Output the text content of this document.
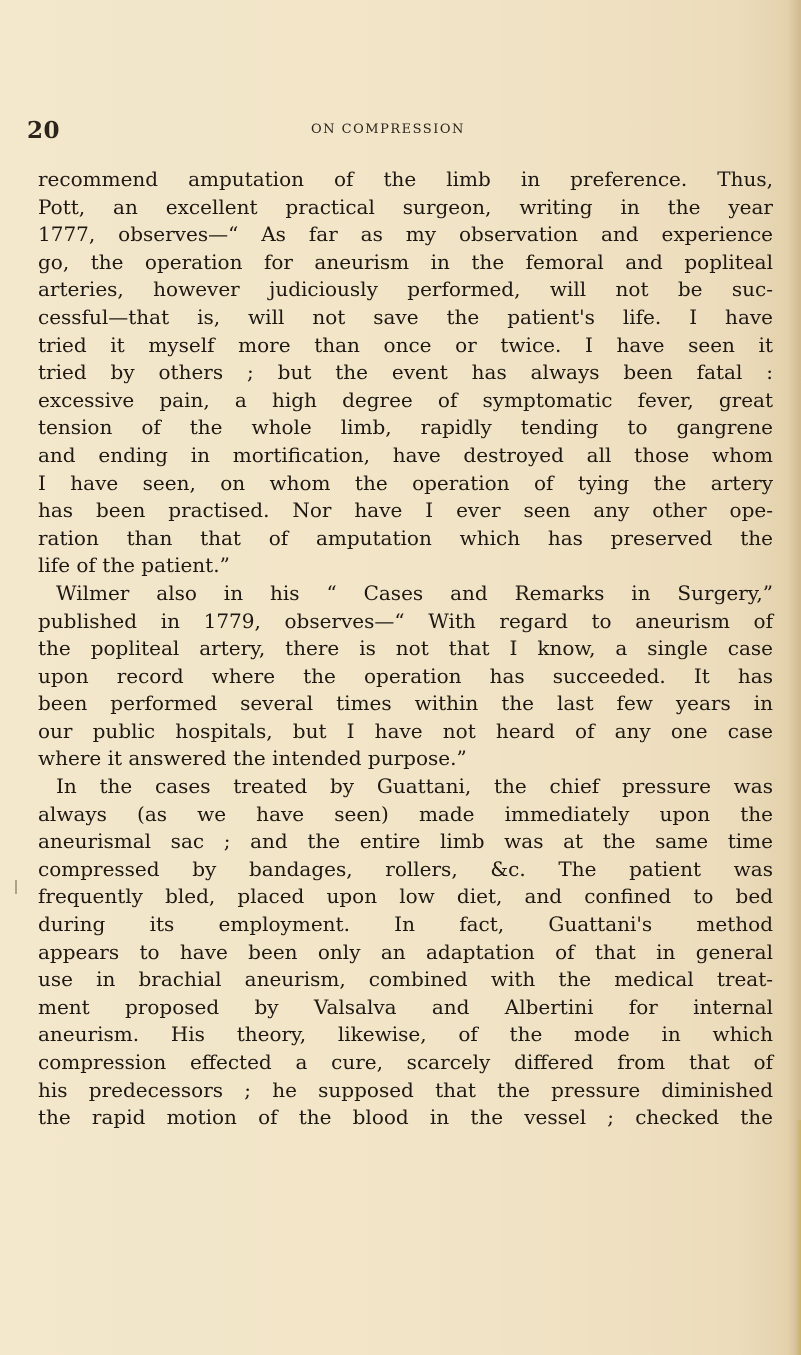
20	ON COMPRESSION
recommend amputation of the limb in preference. Thus,
Pott, an excellent practical surgeon, writing in the year
1777, observes—“ As far as my observation and experience
go, the operation for aneurism in the femoral and popliteal
arteries, however judiciously performed, will not be suc-
cessful—that is, will not save the patient's life. I have
tried it myself more than once or twice. I have seen it
tried by others ; but the event has always been fatal :
excessive pain, a high degree of symptomatic fever, great
tension of the whole limb, rapidly tending to gangrene
and ending in mortification, have destroyed all those whom
I have seen, on whom the operation of tying the artery
has been practised. Nor have I ever seen any other ope-
ration than that of amputation which has preserved the
life of the patient.”
Wilmer also in his “ Cases and Remarks in Surgery,”
published in 1779, observes—“ With regard to aneurism of
the popliteal artery, there is not that I know, a single case
upon record where the operation has succeeded. It has
been performed several times within the last few years in
our public hospitals, but I have not heard of any one case
where it answered the intended purpose.”
In the cases treated by Guattani, the chief pressure was
always (as we have seen) made immediately upon the
aneurismal sac ; and the entire limb was at the same time
compressed by bandages, rollers, &c. The patient was
frequently bled, placed upon low diet, and confined to bed
during its employment. In fact, Guattani's method
appears to have been only an adaptation of that in general
use in brachial aneurism, combined with the medical treat-
ment proposed by Valsalva and Albertini for internal
aneurism. His theory, likewise, of the mode in which
compression effected a cure, scarcely differed from that of
his predecessors ; he supposed that the pressure diminished
the rapid motion of the blood in the vessel ; checked the
